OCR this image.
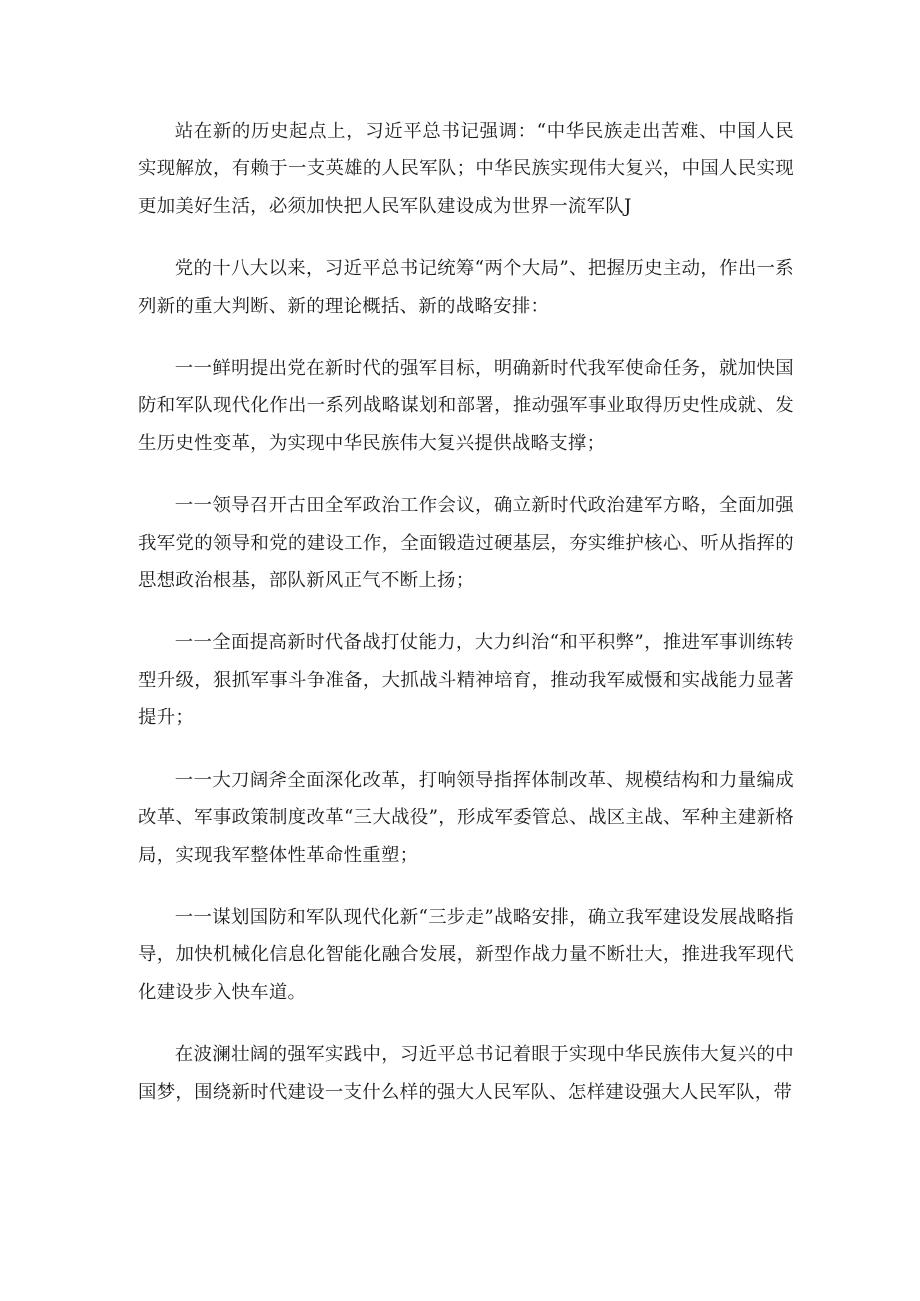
站在新的历史起点上，习近平总书记强调：“中华民族走出苦难、中国人民实现解放，有赖于一支英雄的人民军队；中华民族实现伟大复兴，中国人民实现更加美好生活，必须加快把人民军队建设成为世界一流军队J

党的十八大以来，习近平总书记统筹“两个大局”、把握历史主动，作出一系列新的重大判断、新的理论概括、新的战略安排：

一一鲜明提出党在新时代的强军目标，明确新时代我军使命任务，就加快国防和军队现代化作出一系列战略谋划和部署，推动强军事业取得历史性成就、发生历史性变革，为实现中华民族伟大复兴提供战略支撑；

一一领导召开古田全军政治工作会议，确立新时代政治建军方略，全面加强我军党的领导和党的建设工作，全面锻造过硬基层，夯实维护核心、听从指挥的思想政治根基，部队新风正气不断上扬；

一一全面提高新时代备战打仗能力，大力纠治“和平积弊”，推进军事训练转型升级，狠抓军事斗争准备，大抓战斗精神培育，推动我军威慑和实战能力显著提升；

一一大刀阔斧全面深化改革，打响领导指挥体制改革、规模结构和力量编成改革、军事政策制度改革“三大战役”，形成军委管总、战区主战、军种主建新格局，实现我军整体性革命性重塑；

一一谋划国防和军队现代化新“三步走”战略安排，确立我军建设发展战略指导，加快机械化信息化智能化融合发展，新型作战力量不断壮大，推进我军现代化建设步入快车道。

在波澜壮阔的强军实践中，习近平总书记着眼于实现中华民族伟大复兴的中国梦，围绕新时代建设一支什么样的强大人民军队、怎样建设强大人民军队，带
